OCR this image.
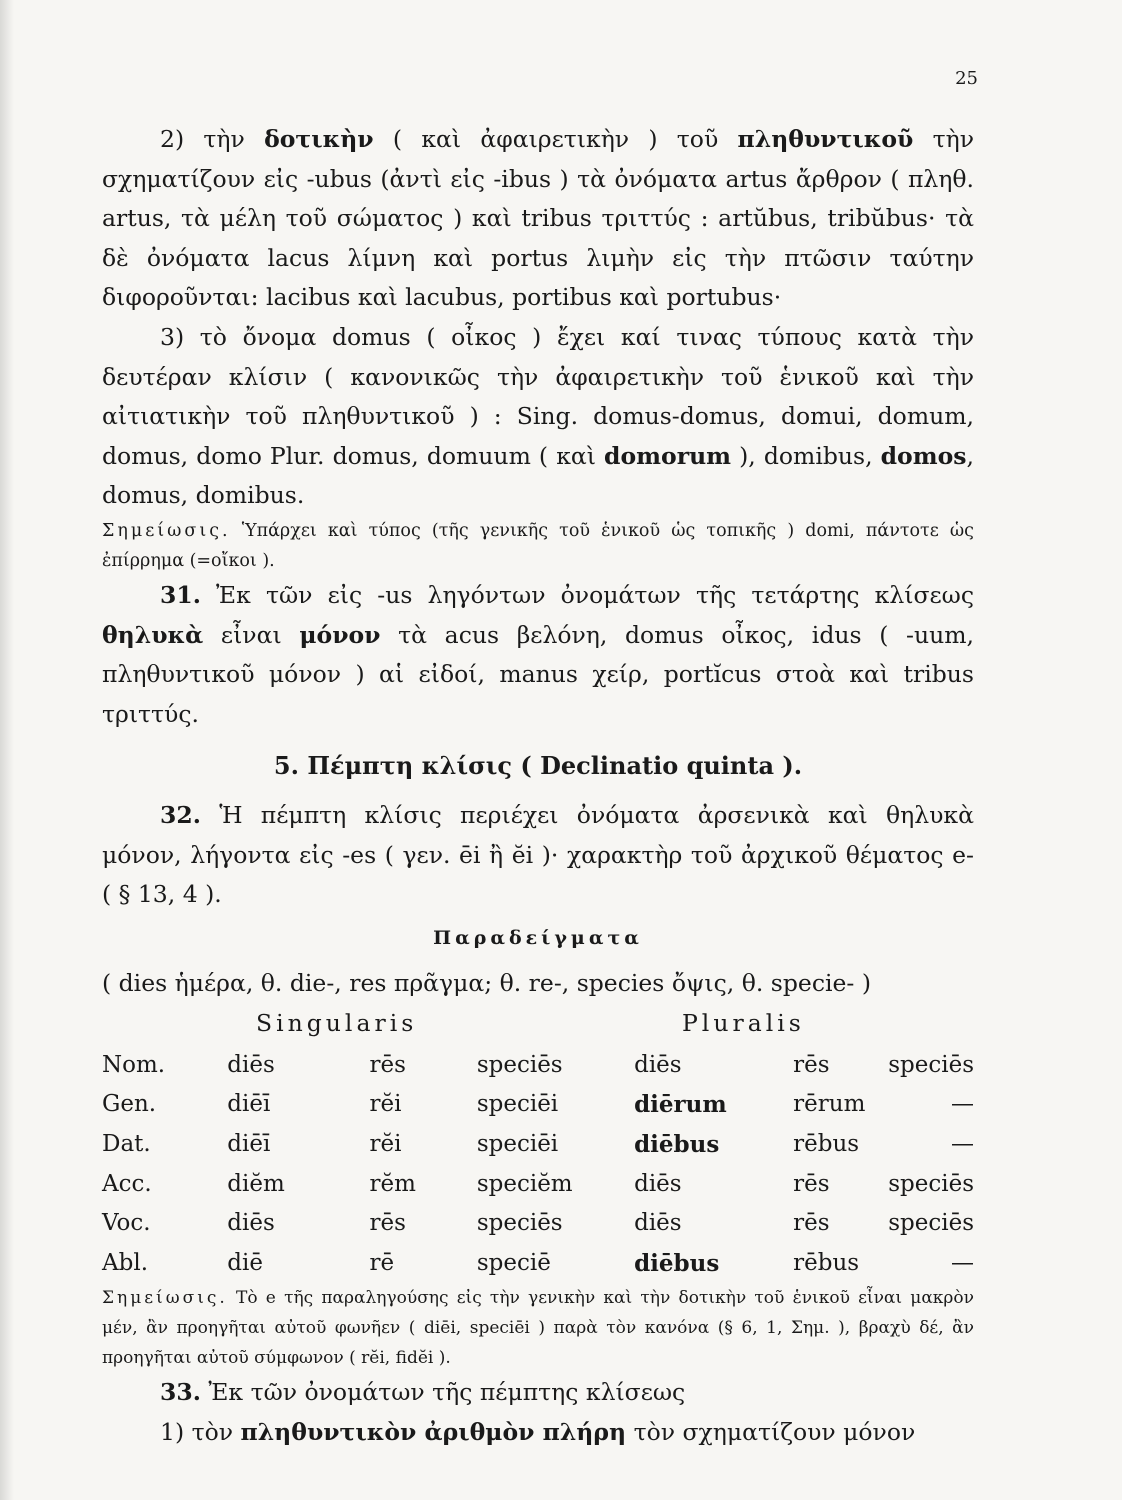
25

2) τὴν δοτικὴν ( καὶ ἀφαιρετικὴν ) τοῦ πληθυντικοῦ τὴν σχηματίζουν εἰς -ubus (ἀντὶ εἰς -ibus ) τὰ ὀνόματα artus ἄρθρον ( πληθ. artus, τὰ μέλη τοῦ σώματος ) καὶ tribus τριττύς : artŭbus, tribŭbus· τὰ δὲ ὀνόματα lacus λίμνη καὶ portus λιμὴν εἰς τὴν πτῶσιν ταύτην διφοροῦνται: lacibus καὶ lacubus, portibus καὶ portubus·

3) τὸ ὄνομα domus ( οἶκος ) ἔχει καί τινας τύπους κατὰ τὴν δευτέραν κλίσιν ( κανονικῶς τὴν ἀφαιρετικὴν τοῦ ἑνικοῦ καὶ τὴν αἰτιατικὴν τοῦ πληθυντικοῦ ) : Sing. domus-domus, domui, domum, domus, domo Plur. domus, domuum ( καὶ domorum ), domibus, domos, domus, domibus.

Σημείωσις. Ὑπάρχει καὶ τύπος (τῆς γενικῆς τοῦ ἑνικοῦ ὡς τοπικῆς ) domi, πάντοτε ὡς ἐπίρρημα (=οἴκοι ).

31. Ἐκ τῶν εἰς -us ληγόντων ὀνομάτων τῆς τετάρτης κλίσεως θηλυκὰ εἶναι μόνον τὰ acus βελόνη, domus οἶκος, idus ( -uum, πληθυντικοῦ μόνον ) αἱ εἰδοί, manus χείρ, portĭcus στοὰ καὶ tribus τριττύς.

5. Πέμπτη κλίσις ( Declinatio quinta ).

32. Ἡ πέμπτη κλίσις περιέχει ὀνόματα ἀρσενικὰ καὶ θηλυκὰ μόνον, λήγοντα εἰς -es ( γεν. ēi ἢ ĕi )· χαρακτὴρ τοῦ ἀρχικοῦ θέματος e- ( § 13, 4 ).

Παραδείγματα

( dies ἡμέρα, θ. die-, res πρᾶγμα; θ. re-, species ὄψις, θ. specie- )

Singularis	Pluralis
Nom.	diēs	rēs	speciēs	diēs	rēs	speciēs
Gen.	diēī	rĕi	speciēi	diērum	rērum	—
Dat.	diēī	rĕi	speciēi	diēbus	rēbus	—
Acc.	diĕm	rĕm	speciĕm	diēs	rēs	speciēs
Voc.	diēs	rēs	speciēs	diēs	rēs	speciēs
Abl.	diē	rē	speciē	diēbus	rēbus	—

Σημείωσις. Τὸ e τῆς παραληγούσης εἰς τὴν γενικὴν καὶ τὴν δοτικὴν τοῦ ἑνικοῦ εἶναι μακρὸν μέν, ἂν προηγῆται αὐτοῦ φωνῆεν ( diēi, speciēi ) παρὰ τὸν κανόνα (§ 6, 1, Σημ. ), βραχὺ δέ, ἂν προηγῆται αὐτοῦ σύμφωνον ( rĕi, fidĕi ).

33. Ἐκ τῶν ὀνομάτων τῆς πέμπτης κλίσεως

1) τὸν πληθυντικὸν ἀριθμὸν πλήρη τὸν σχηματίζουν μόνον
